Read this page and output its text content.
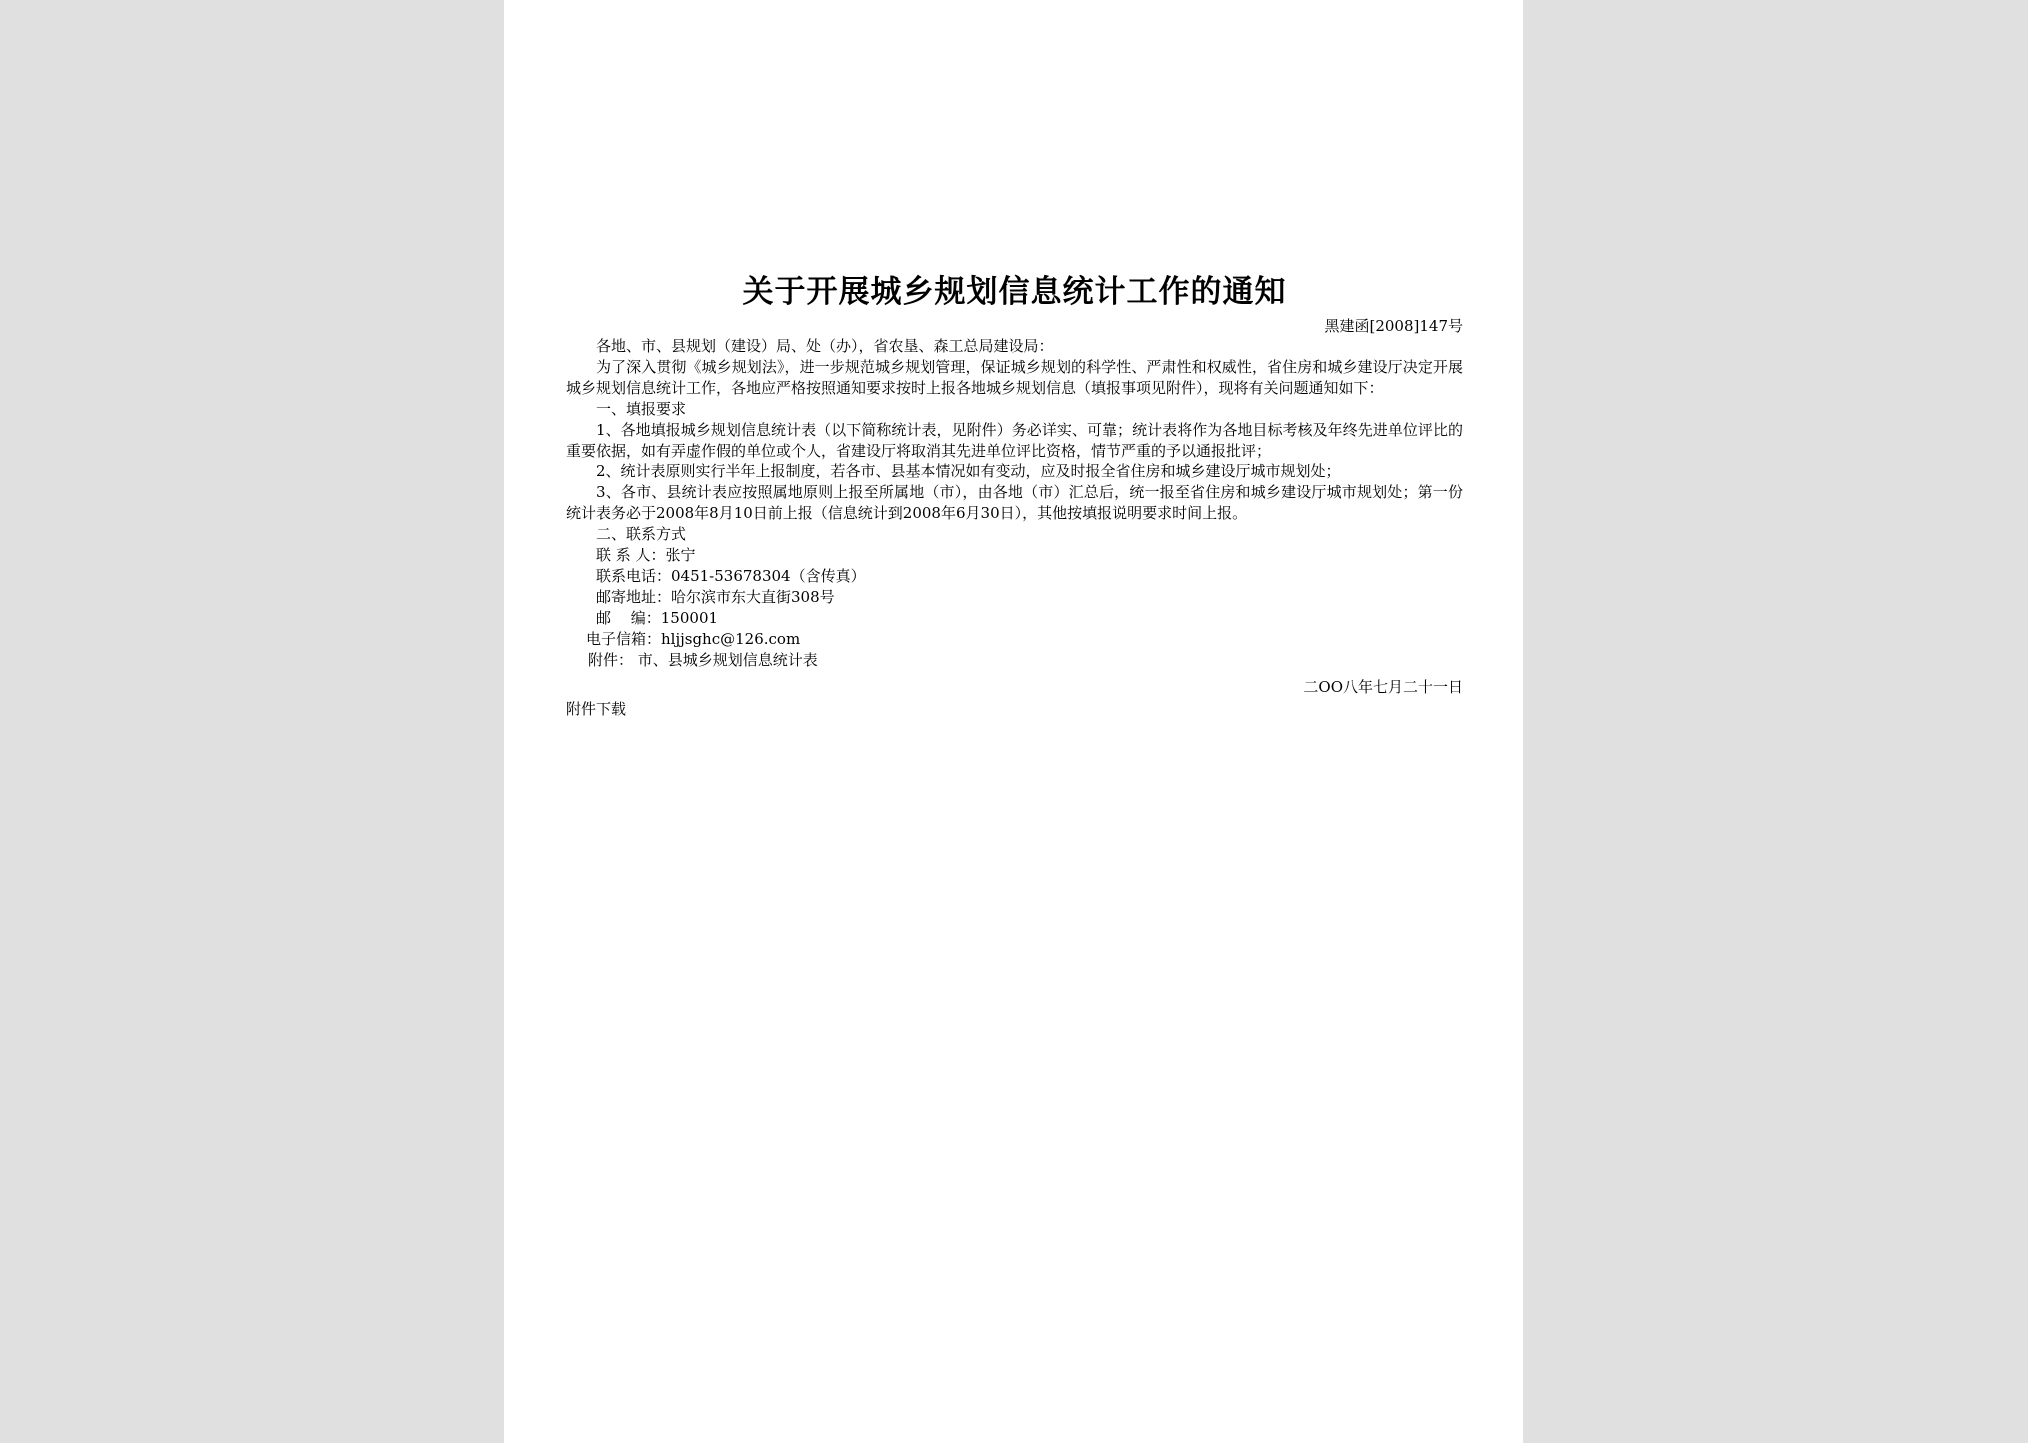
关于开展城乡规划信息统计工作的通知
黑建函[2008]147号

各地、市、县规划（建设）局、处（办），省农垦、森工总局建设局：

为了深入贯彻《城乡规划法》，进一步规范城乡规划管理，保证城乡规划的科学性、严肃性和权威性，省住房和城乡建设厅决定开展城乡规划信息统计工作，各地应严格按照通知要求按时上报各地城乡规划信息（填报事项见附件），现将有关问题通知如下：

一、填报要求

1、各地填报城乡规划信息统计表（以下简称统计表，见附件）务必详实、可靠；统计表将作为各地目标考核及年终先进单位评比的重要依据，如有弄虚作假的单位或个人，省建设厅将取消其先进单位评比资格，情节严重的予以通报批评；

2、统计表原则实行半年上报制度，若各市、县基本情况如有变动，应及时报全省住房和城乡建设厅城市规划处；

3、各市、县统计表应按照属地原则上报至所属地（市），由各地（市）汇总后，统一报至省住房和城乡建设厅城市规划处；第一份统计表务必于2008年8月10日前上报（信息统计到2008年6月30日），其他按填报说明要求时间上报。

二、联系方式

联 系 人：张宁

联系电话：0451-53678304（含传真）

邮寄地址：哈尔滨市东大直街308号

邮　 编：150001

电子信箱：hljjsghc@126.com

附件： 市、县城乡规划信息统计表

二OO八年七月二十一日

附件下载
